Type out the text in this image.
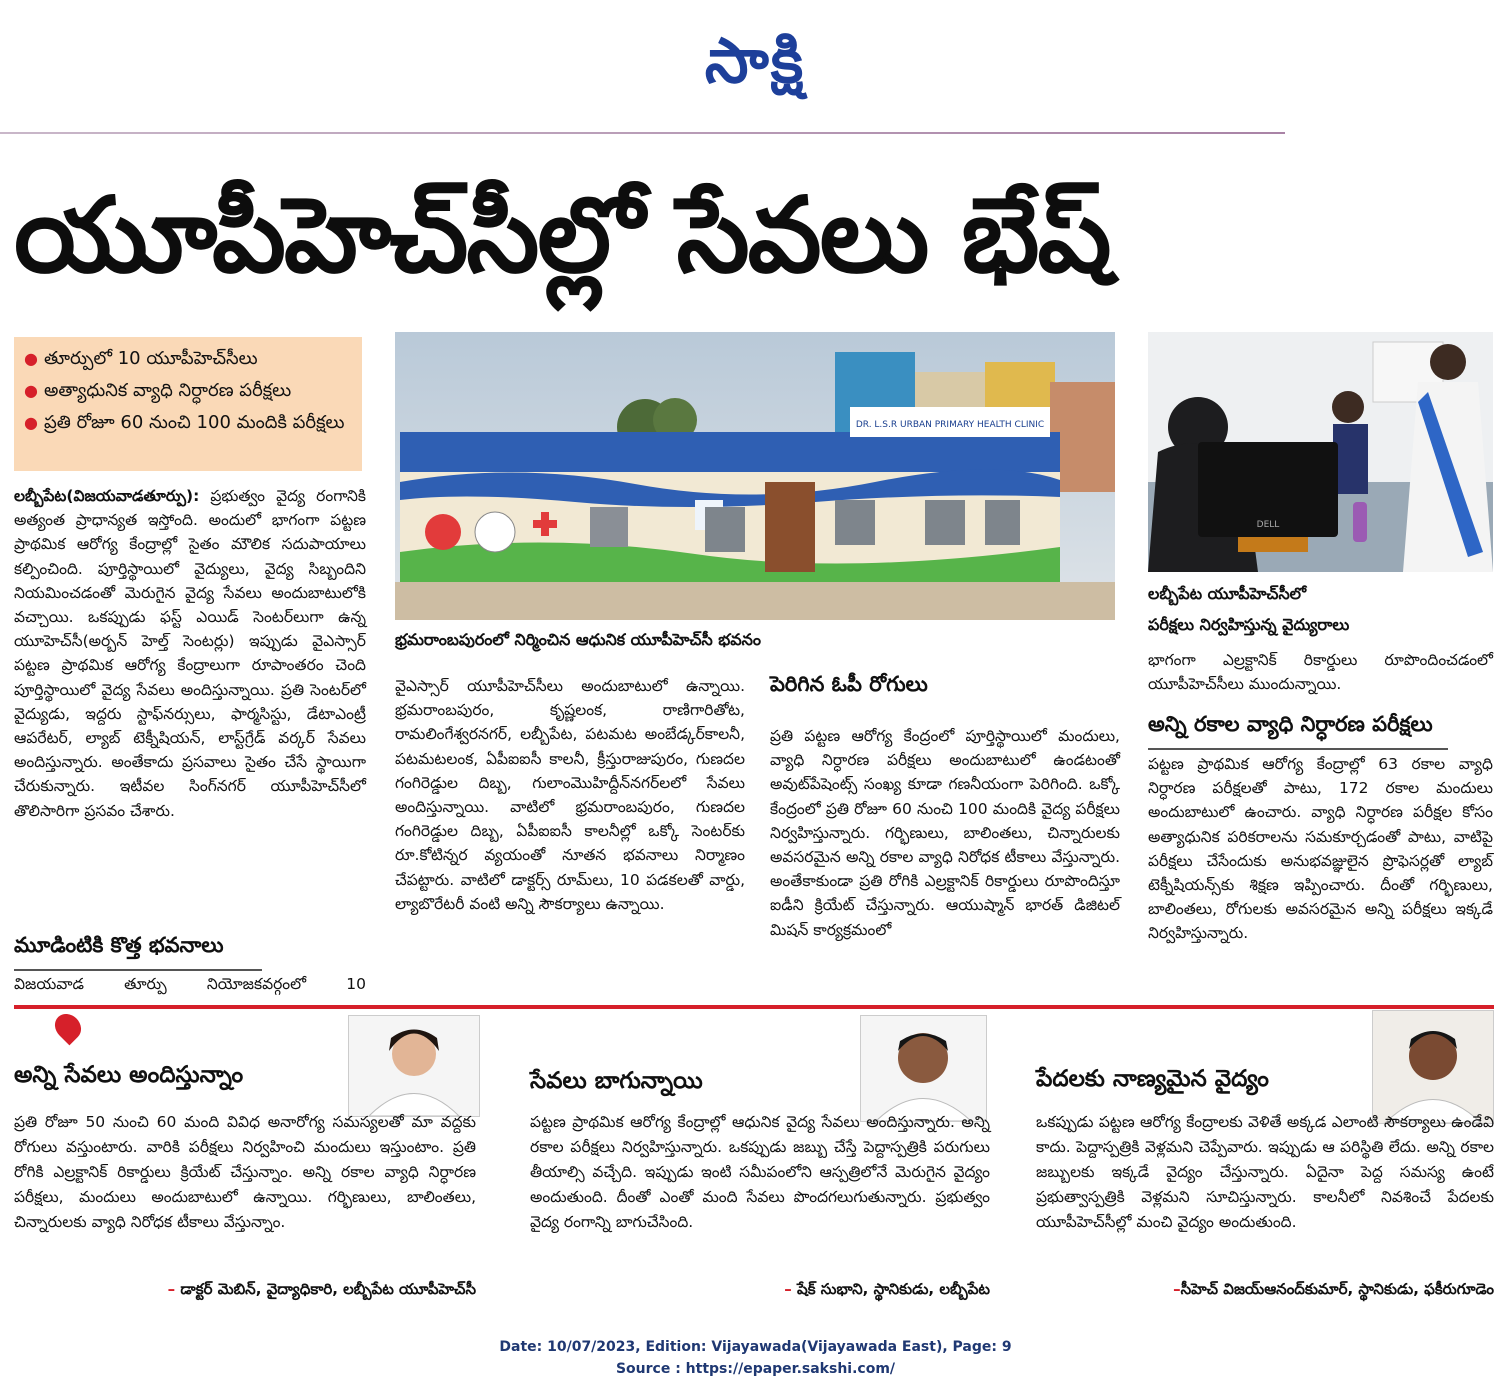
సాక్షి
యూపీహెచ్‌సీల్లో సేవలు భేష్‌
● తూర్పులో 10 యూపీహెచ్‌సీలు
● అత్యాధునిక వ్యాధి నిర్ధారణ పరీక్షలు
● ప్రతి రోజూ 60 నుంచి 100 మందికి పరీక్షలు

లబ్బీపేట(విజయవాడతూర్పు): ప్రభుత్వం వైద్య రంగానికి అత్యంత ప్రాధాన్యత ఇస్తోంది. అందులో భాగంగా పట్టణ ప్రాథమిక ఆరోగ్య కేంద్రాల్లో సైతం మౌలిక సదుపాయాలు కల్పించింది. పూర్తిస్థాయిలో వైద్యులు, వైద్య సిబ్బందిని నియమించడంతో మెరుగైన వైద్య సేవలు అందుబాటులోకి వచ్చాయి. ఒకప్పుడు ఫస్ట్‌ ఎయిడ్‌ సెంటర్‌లుగా ఉన్న యూహెచ్‌సీ(అర్బన్‌ హెల్త్‌ సెంటర్లు) ఇప్పుడు వైఎస్సార్‌ పట్టణ ప్రాథమిక ఆరోగ్య కేంద్రాలుగా రూపాంతరం చెంది పూర్తిస్థాయిలో వైద్య సేవలు అందిస్తున్నాయి. ప్రతి సెంటర్‌లో వైద్యుడు, ఇద్దరు స్టాఫ్‌నర్సులు, ఫార్మసిస్టు, డేటాఎంట్రీ ఆపరేటర్‌, ల్యాబ్‌ టెక్నీషియన్‌, లాస్ట్‌గ్రేడ్‌ వర్కర్‌ సేవలు అందిస్తున్నారు. అంతేకాదు ప్రసవాలు సైతం చేసే స్థాయిగా చేరుకున్నారు. ఇటీవల సింగ్‌నగర్‌ యూపీహెచ్‌సీలో తొలిసారిగా ప్రసవం చేశారు.

మూడింటికి కొత్త భవనాలు
విజయవాడ తూర్పు నియోజకవర్గంలో 10
DR. L.S.R URBAN PRIMARY HEALTH CLINIC
భ్రమరాంబపురంలో నిర్మించిన ఆధునిక యూపీహెచ్‌సీ భవనం

వైఎస్సార్‌ యూపీహెచ్‌సీలు అందుబాటులో ఉన్నాయి. భ్రమరాంబపురం, కృష్ణలంక, రాణిగారితోట, రామలింగేశ్వరనగర్‌, లబ్బీపేట, పటమట అంబేడ్కర్‌కాలనీ, పటమటలంక, ఏపీఐఐసీ కాలనీ, క్రీస్తురాజుపురం, గుణదల గంగిరెడ్డుల దిబ్బ, గులాంమొహిద్దీన్‌నగర్‌లలో సేవలు అందిస్తున్నాయి. వాటిలో భ్రమరాంబపురం, గుణదల గంగిరెడ్డుల దిబ్బ, ఏపీఐఐసీ కాలనీల్లో ఒక్కో సెంటర్‌కు రూ.కోటిన్నర వ్యయంతో నూతన భవనాలు నిర్మాణం చేపట్టారు. వాటిలో డాక్టర్స్‌ రూమ్‌లు, 10 పడకలతో వార్డు, ల్యాబొరేటరీ వంటి అన్ని సౌకర్యాలు ఉన్నాయి.

పెరిగిన ఓపీ రోగులు

ప్రతి పట్టణ ఆరోగ్య కేంద్రంలో పూర్తిస్థాయిలో మందులు, వ్యాధి నిర్ధారణ పరీక్షలు అందుబాటులో ఉండటంతో అవుట్‌పేషెంట్స్‌ సంఖ్య కూడా గణనీయంగా పెరిగింది. ఒక్కో కేంద్రంలో ప్రతి రోజూ 60 నుంచి 100 మందికి వైద్య పరీక్షలు నిర్వహిస్తున్నారు. గర్భిణులు, బాలింతలు, చిన్నారులకు అవసరమైన అన్ని రకాల వ్యాధి నిరోధక టీకాలు వేస్తున్నారు. అంతేకాకుండా ప్రతి రోగికి ఎల్రక్టానిక్‌ రికార్డులు రూపొందిస్తూ ఐడీని క్రియేట్‌ చేస్తున్నారు. ఆయుష్మాన్‌ భారత్‌ డిజిటల్‌ మిషన్‌ కార్యక్రమంలో

DELL
లబ్బీపేట యూపీహెచ్‌సీలో
పరీక్షలు నిర్వహిస్తున్న వైద్యురాలు

భాగంగా ఎల్రక్టానిక్‌ రికార్డులు రూపొందించడంలో యూపీహెచ్‌సీలు ముందున్నాయి.

అన్ని రకాల వ్యాధి నిర్ధారణ పరీక్షలు

పట్టణ ప్రాథమిక ఆరోగ్య కేంద్రాల్లో 63 రకాల వ్యాధి నిర్ధారణ పరీక్షలతో పాటు, 172 రకాల మందులు అందుబాటులో ఉంచారు. వ్యాధి నిర్ధారణ పరీక్షల కోసం అత్యాధునిక పరికరాలను సమకూర్చడంతో పాటు, వాటిపై పరీక్షలు చేసేందుకు అనుభవజ్ఞులైన ప్రొఫెసర్లతో ల్యాబ్‌ టెక్నీషియన్స్‌కు శిక్షణ ఇప్పించారు. దీంతో గర్భిణులు, బాలింతలు, రోగులకు అవసరమైన అన్ని పరీక్షలు ఇక్కడే నిర్వహిస్తున్నారు.

అన్ని సేవలు అందిస్తున్నాం
ప్రతి రోజూ 50 నుంచి 60 మంది వివిధ అనారోగ్య సమస్యలతో మా వద్దకు రోగులు వస్తుంటారు. వారికి పరీక్షలు నిర్వహించి మందులు ఇస్తుంటాం. ప్రతి రోగికి ఎల్రక్టానిక్‌ రికార్డులు క్రియేట్‌ చేస్తున్నాం. అన్ని రకాల వ్యాధి నిర్ధారణ పరీక్షలు, మందులు అందుబాటులో ఉన్నాయి. గర్భిణులు, బాలింతలు, చిన్నారులకు వ్యాధి నిరోధక టీకాలు వేస్తున్నాం.
– డాక్టర్‌ మెబిన్‌, వైద్యాధికారి, లబ్బీపేట యూపీహెచ్‌సీ
సేవలు బాగున్నాయి
పట్టణ ప్రాథమిక ఆరోగ్య కేంద్రాల్లో ఆధునిక వైద్య సేవలు అందిస్తున్నారు. అన్ని రకాల పరీక్షలు నిర్వహిస్తున్నారు. ఒకప్పుడు జబ్బు చేస్తే పెద్దాస్పత్రికి పరుగులు తీయాల్సి వచ్చేది. ఇప్పుడు ఇంటి సమీపంలోని ఆస్పత్రిలోనే మెరుగైన వైద్యం అందుతుంది. దీంతో ఎంతో మంది సేవలు పొందగలుగుతున్నారు. ప్రభుత్వం వైద్య రంగాన్ని బాగుచేసింది.
– షేక్‌ సుభాని, స్థానికుడు, లబ్బీపేట
పేదలకు నాణ్యమైన వైద్యం
ఒకప్పుడు పట్టణ ఆరోగ్య కేంద్రాలకు వెళితే అక్కడ ఎలాంటి సౌకర్యాలు ఉండేవి కాదు. పెద్దాస్పత్రికి వెళ్లమని చెప్పేవారు. ఇప్పుడు ఆ పరిస్థితి లేదు. అన్ని రకాల జబ్బులకు ఇక్కడే వైద్యం చేస్తున్నారు. ఏదైనా పెద్ద సమస్య ఉంటే ప్రభుత్వాస్పత్రికి వెళ్లమని సూచిస్తున్నారు. కాలనీలో నివశించే పేదలకు యూపీహెచ్‌సీల్లో మంచి వైద్యం అందుతుంది.
–సీహెచ్‌ విజయ్‌ఆనంద్‌కుమార్‌, స్థానికుడు, ఫకీరుగూడెం
Date: 10/07/2023, Edition: Vijayawada(Vijayawada East), Page: 9
Source : https://epaper.sakshi.com/
